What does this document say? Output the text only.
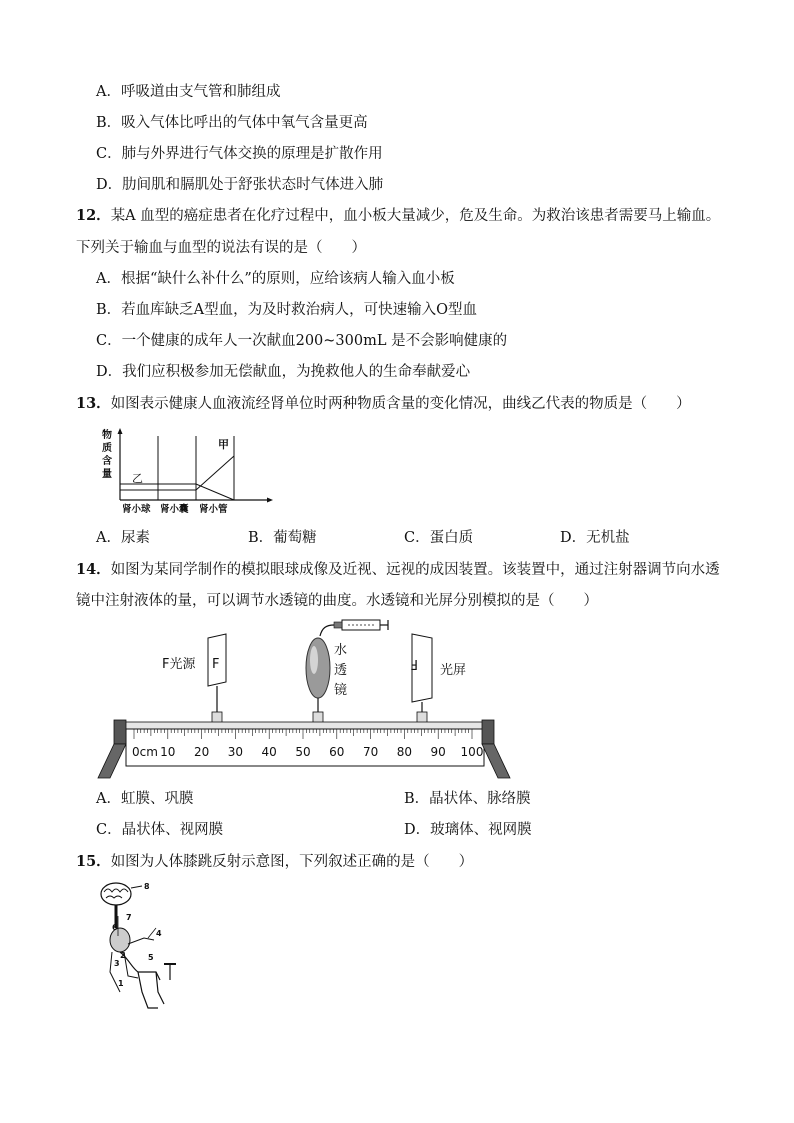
A．呼吸道由支气管和肺组成
B．吸入气体比呼出的气体中氧气含量更高
C．肺与外界进行气体交换的原理是扩散作用
D．肋间肌和膈肌处于舒张状态时气体进入肺
12．某A 血型的癌症患者在化疗过程中，血小板大量减少，危及生命。为救治该患者需要马上输血。
下列关于输血与血型的说法有误的是（　　）
A．根据“缺什么补什么”的原则，应给该病人输入血小板
B．若血库缺乏A型血，为及时救治病人，可快速输入O型血
C．一个健康的成年人一次献血200~300mL 是不会影响健康的
D．我们应积极参加无偿献血，为挽救他人的生命奉献爱心
13．如图表示健康人血液流经肾单位时两种物质含量的变化情况，曲线乙代表的物质是（　　）
物
质
含
量
甲
乙
肾小球 肾小囊 肾小管
A．尿素	B．葡萄糖	C．蛋白质	D．无机盐
14．如图为某同学制作的模拟眼球成像及近视、远视的成因装置。该装置中，通过注射器调节向水透
镜中注射液体的量，可以调节水透镜的曲度。水透镜和光屏分别模拟的是（　　）
水
透
镜
F
F光源	F 光屏
0cm 10 20 30 40 50 60 70 80 90 100
A．虹膜、巩膜	B．晶状体、脉络膜
C．晶状体、视网膜	D．玻璃体、视网膜
15．如图为人体膝跳反射示意图，下列叙述正确的是（　　）
1
2
3
4
5
6
7
8
